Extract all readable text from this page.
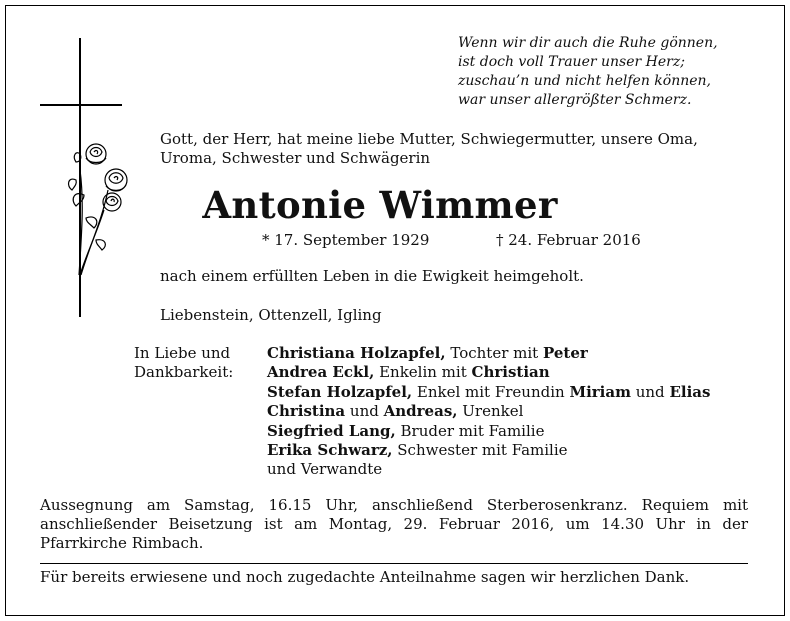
Wenn wir dir auch die Ruhe gönnen,
ist doch voll Trauer unser Herz;
zuschau’n und nicht helfen können,
war unser allergrößter Schmerz.
Gott, der Herr, hat meine liebe Mutter, Schwiegermutter, unsere Oma,
Uroma, Schwester und Schwägerin
Antonie Wimmer
* 17. September 1929	† 24. Februar 2016
nach einem erfüllten Leben in die Ewigkeit heimgeholt.
Liebenstein, Ottenzell, Igling
In Liebe und
Dankbarkeit:
Christiana Holzapfel, Tochter mit Peter
Andrea Eckl, Enkelin mit Christian
Stefan Holzapfel, Enkel mit Freundin Miriam und Elias
Christina und Andreas, Urenkel
Siegfried Lang, Bruder mit Familie
Erika Schwarz, Schwester mit Familie
und Verwandte
Aussegnung am Samstag, 16.15 Uhr, anschließend Sterberosenkranz. Requiem mit
anschließender Beisetzung ist am Montag, 29. Februar 2016, um 14.30 Uhr in der
Pfarrkirche Rimbach.
Für bereits erwiesene und noch zugedachte Anteilnahme sagen wir herzlichen Dank.
